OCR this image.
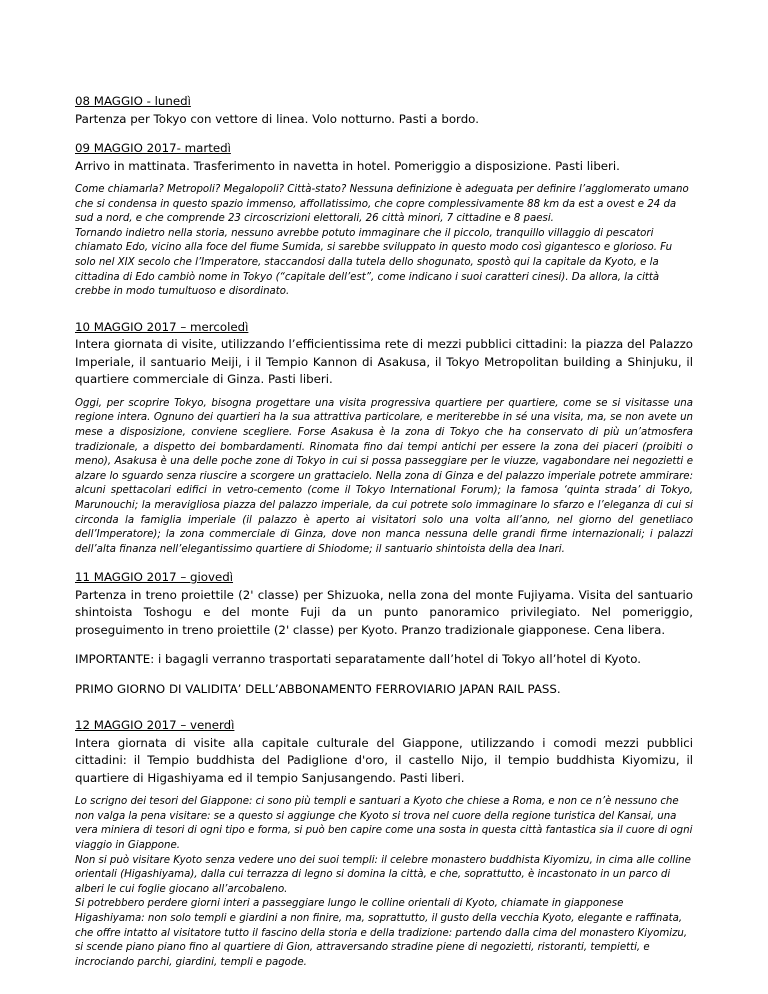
08 MAGGIO - lunedì

Partenza per Tokyo con vettore di linea. Volo notturno. Pasti a bordo.

09 MAGGIO 2017- martedì

Arrivo in mattinata. Trasferimento in navetta in hotel. Pomeriggio a disposizione. Pasti liberi.

Come chiamarla? Metropoli? Megalopoli? Città-stato? Nessuna definizione è adeguata per definire l’agglomerato umano che si condensa in questo spazio immenso, affollatissimo, che copre complessivamente 88 km da est a ovest e 24 da sud a nord, e che comprende 23 circoscrizioni elettorali, 26 città minori, 7 cittadine e 8 paesi.

Tornando indietro nella storia, nessuno avrebbe potuto immaginare che il piccolo, tranquillo villaggio di pescatori chiamato Edo, vicino alla foce del fiume Sumida, si sarebbe sviluppato in questo modo così gigantesco e glorioso. Fu solo nel XIX secolo che l’Imperatore, staccandosi dalla tutela dello shogunato, spostò qui la capitale da Kyoto, e la cittadina di Edo cambiò nome in Tokyo (“capitale dell’est”, come indicano i suoi caratteri cinesi). Da allora, la città crebbe in modo tumultuoso e disordinato.

10 MAGGIO 2017 – mercoledì

Intera giornata di visite, utilizzando l’efficientissima rete di mezzi pubblici cittadini: la piazza del Palazzo Imperiale, il santuario Meiji, i il Tempio Kannon di Asakusa, il Tokyo Metropolitan building a Shinjuku, il quartiere commerciale di Ginza. Pasti liberi.

Oggi, per scoprire Tokyo, bisogna progettare una visita progressiva quartiere per quartiere, come se si visitasse una regione intera. Ognuno dei quartieri ha la sua attrattiva particolare, e meriterebbe in sé una visita, ma, se non avete un mese a disposizione, conviene scegliere. Forse Asakusa è la zona di Tokyo che ha conservato di più un’atmosfera tradizionale, a dispetto dei bombardamenti. Rinomata fino dai tempi antichi per essere la zona dei piaceri (proibiti o meno), Asakusa è una delle poche zone di Tokyo in cui si possa passeggiare per le viuzze, vagabondare nei negozietti e alzare lo sguardo senza riuscire a scorgere un grattacielo. Nella zona di Ginza e del palazzo imperiale potrete ammirare: alcuni spettacolari edifici in vetro-cemento (come il Tokyo International Forum); la famosa ‘quinta strada’ di Tokyo, Marunouchi; la meravigliosa piazza del palazzo imperiale, da cui potrete solo immaginare lo sfarzo e l’eleganza di cui si circonda la famiglia imperiale (il palazzo è aperto ai visitatori solo una volta all’anno, nel giorno del genetliaco dell’Imperatore); la zona commerciale di Ginza, dove non manca nessuna delle grandi firme internazionali; i palazzi dell’alta finanza nell’elegantissimo quartiere di Shiodome; il santuario shintoista della dea Inari.

11 MAGGIO 2017 – giovedì

Partenza in treno proiettile (2' classe) per Shizuoka, nella zona del monte Fujiyama. Visita del santuario shintoista Toshogu e del monte Fuji da un punto panoramico privilegiato. Nel pomeriggio, proseguimento in treno proiettile (2' classe) per Kyoto. Pranzo tradizionale giapponese. Cena libera.

IMPORTANTE: i bagagli verranno trasportati separatamente dall’hotel di Tokyo all’hotel di Kyoto.

PRIMO GIORNO DI VALIDITA’ DELL’ABBONAMENTO FERROVIARIO JAPAN RAIL PASS.

12 MAGGIO 2017 – venerdì

Intera giornata di visite alla capitale culturale del Giappone, utilizzando i comodi mezzi pubblici cittadini: il Tempio buddhista del Padiglione d'oro, il castello Nijo, il tempio buddhista Kiyomizu, il quartiere di Higashiyama ed il tempio Sanjusangendo. Pasti liberi.

Lo scrigno dei tesori del Giappone: ci sono più templi e santuari a Kyoto che chiese a Roma, e non ce n’è nessuno che non valga la pena visitare: se a questo si aggiunge che Kyoto si trova nel cuore della regione turistica del Kansai, una vera miniera di tesori di ogni tipo e forma, si può ben capire come una sosta in questa città fantastica sia il cuore di ogni viaggio in Giappone.

Non si può visitare Kyoto senza vedere uno dei suoi templi: il celebre monastero buddhista Kiyomizu, in cima alle colline orientali (Higashiyama), dalla cui terrazza di legno si domina la città, e che, soprattutto, è incastonato in un parco di alberi le cui foglie giocano all’arcobaleno.

Si potrebbero perdere giorni interi a passeggiare lungo le colline orientali di Kyoto, chiamate in giapponese Higashiyama: non solo templi e giardini a non finire, ma, soprattutto, il gusto della vecchia Kyoto, elegante e raffinata, che offre intatto al visitatore tutto il fascino della storia e della tradizione: partendo dalla cima del monastero Kiyomizu, si scende piano piano fino al quartiere di Gion, attraversando stradine piene di negozietti, ristoranti, tempietti, e incrociando parchi, giardini, templi e pagode.
